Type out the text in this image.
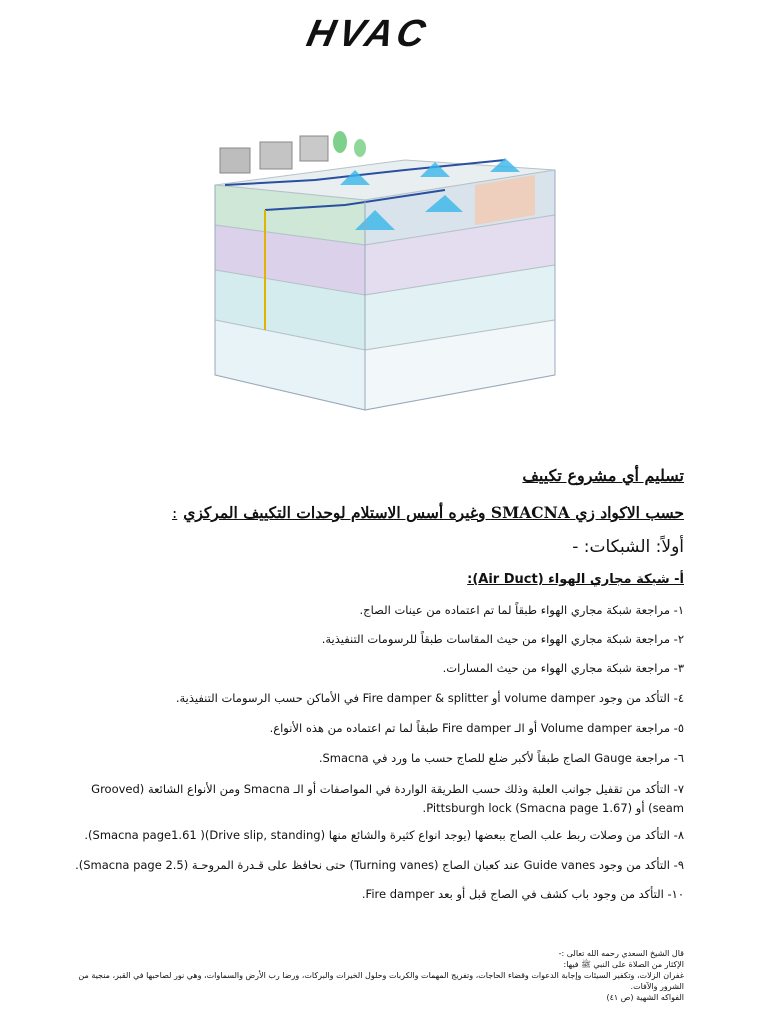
HVAC
تسليم أي مشروع تكييف
حسب الاكواد زي SMACNA وغيره أسس الاستلام لوحدات التكييف المركزي:
أولاً: الشبكات: -
أ- شبكة مجاري الهواء (Air Duct):
١- مراجعة شبكة مجاري الهواء طبقاً لما تم اعتماده من عينات الصاج.
٢- مراجعة شبكة مجاري الهواء من حيث المقاسات طبقاً للرسومات التنفيذية.
٣- مراجعة شبكة مجاري الهواء من حيث المسارات.
٤- التأكد من وجود volume damper أو Fire damper & splitter في الأماكن حسب الرسومات التنفيذية.
٥- مراجعة Volume damper أو الـ Fire damper طبقاً لما تم اعتماده من هذه الأنواع.
٦- مراجعة Gauge الصاج طبقاً لأكبر ضلع للصاج حسب ما ورد في Smacna.
٧- التأكد من تقفيل جوانب العلبة وذلك حسب الطريقة الواردة في المواصفات أو الـ Smacna ومن الأنواع الشائعة (Grooved seam) أو Pittsburgh lock (Smacna page 1.67).
٨- التأكد من وصلات ربط علب الصاج ببعضها (يوجد انواع كثيرة والشائع منها (Drive slip, standing)( Smacna page1.61).
٩- التأكد من وجود Guide vanes عند كعبان الصاج (Turning vanes) حتى نحافظ على قـدرة المروحـة (Smacna page 2.5).
١٠- التأكد من وجود باب كشف في الصاج قبل أو بعد Fire damper.
قال الشيخ السعدي رحمه الله تعالى :-
الإكثار من الصلاة على النبي ﷺ فيها:
غفران الزلات، وتكفير السيئات وإجابة الدعوات وقضاء الحاجات، وتفريج المهمات والكربات وحلول الخيرات والبركات، ورضا رب الأرض والسماوات، وهي نور لصاحبها في القبر، منجية من الشرور والآفات.
الفواكه الشهية (ص ٤١)
